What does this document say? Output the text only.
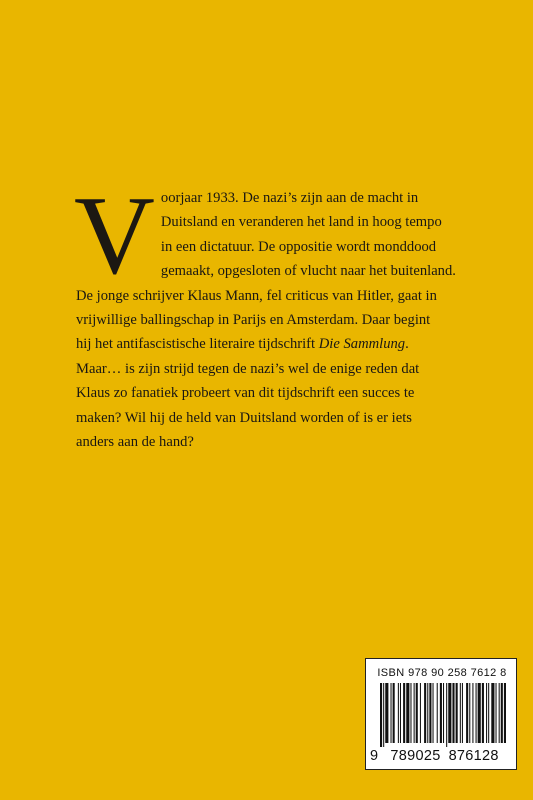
V oorjaar 1933. De nazi’s zijn aan de macht in
Duitsland en veranderen het land in hoog tempo
in een dictatuur. De oppositie wordt monddood
gemaakt, opgesloten of vlucht naar het buitenland.
De jonge schrijver Klaus Mann, fel criticus van Hitler, gaat in
vrijwillige ballingschap in Parijs en Amsterdam. Daar begint
hij het antifascistische literaire tijdschrift Die Sammlung.
Maar… is zijn strijd tegen de nazi’s wel de enige reden dat
Klaus zo fanatiek probeert van dit tijdschrift een succes te
maken? Wil hij de held van Duitsland worden of is er iets
anders aan de hand?
ISBN 978 90 258 7612 8
9 789025 876128
